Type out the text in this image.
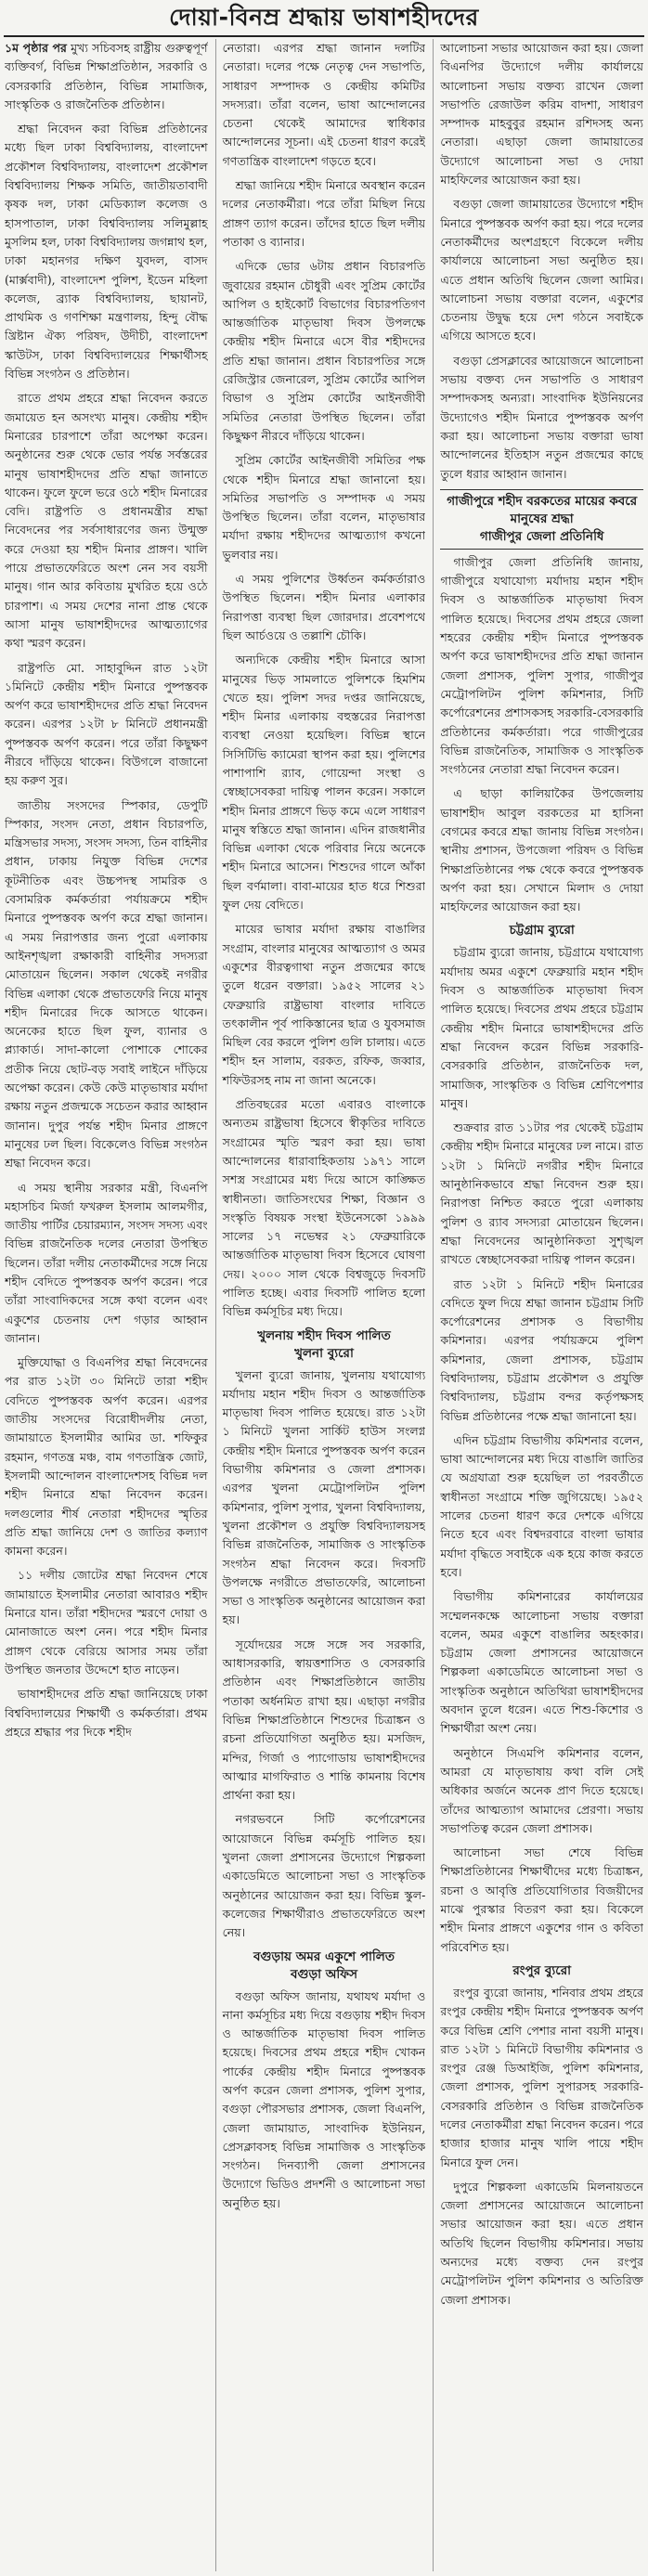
দোয়া-বিনম্র শ্রদ্ধায় ভাষাশহীদদের

১ম পৃষ্ঠার পর মুখ্য সচিবসহ রাষ্ট্রীয় গুরুত্বপূর্ণ ব্যক্তিবর্গ, বিভিন্ন শিক্ষাপ্রতিষ্ঠান, সরকারি ও বেসরকারি প্রতিষ্ঠান, বিভিন্ন সামাজিক, সাংস্কৃতিক ও রাজনৈতিক প্রতিষ্ঠান।

শ্রদ্ধা নিবেদন করা বিভিন্ন প্রতিষ্ঠানের মধ্যে ছিল ঢাকা বিশ্ববিদ্যালয়, বাংলাদেশ প্রকৌশল বিশ্ববিদ্যালয়, বাংলাদেশ প্রকৌশল বিশ্ববিদ্যালয় শিক্ষক সমিতি, জাতীয়তাবাদী কৃষক দল, ঢাকা মেডিক্যাল কলেজ ও হাসপাতাল, ঢাকা বিশ্ববিদ্যালয় সলিমুল্লাহ মুসলিম হল, ঢাকা বিশ্ববিদ্যালয় জগন্নাথ হল, ঢাকা মহানগর দক্ষিণ যুবদল, বাসদ (মার্ক্সবাদী), বাংলাদেশ পুলিশ, ইডেন মহিলা কলেজ, ব্র্যাক বিশ্ববিদ্যালয়, ছায়ানট, প্রাথমিক ও গণশিক্ষা মন্ত্রণালয়, হিন্দু বৌদ্ধ খ্রিষ্টান ঐক্য পরিষদ, উদীচী, বাংলাদেশ স্কাউটস, ঢাকা বিশ্ববিদ্যালয়ের শিক্ষার্থীসহ বিভিন্ন সংগঠন ও প্রতিষ্ঠান।

রাতে প্রথম প্রহরে শ্রদ্ধা নিবেদন করতে জমায়েত হন অসংখ্য মানুষ। কেন্দ্রীয় শহীদ মিনারের চারপাশে তাঁরা অপেক্ষা করেন। অনুষ্ঠানের শুরু থেকে ভোর পর্যন্ত সর্বস্তরের মানুষ ভাষাশহীদদের প্রতি শ্রদ্ধা জানাতে থাকেন। ফুলে ফুলে ভরে ওঠে শহীদ মিনারের বেদি। রাষ্ট্রপতি ও প্রধানমন্ত্রীর শ্রদ্ধা নিবেদনের পর সর্বসাধারণের জন্য উন্মুক্ত করে দেওয়া হয় শহীদ মিনার প্রাঙ্গণ। খালি পায়ে প্রভাতফেরিতে অংশ নেন সব বয়সী মানুষ। গান আর কবিতায় মুখরিত হয়ে ওঠে চারপাশ। এ সময় দেশের নানা প্রান্ত থেকে আসা মানুষ ভাষাশহীদদের আত্মত্যাগের কথা স্মরণ করেন।

রাষ্ট্রপতি মো. সাহাবুদ্দিন রাত ১২টা ১মিনিটে কেন্দ্রীয় শহীদ মিনারে পুষ্পস্তবক অর্পণ করে ভাষাশহীদদের প্রতি শ্রদ্ধা নিবেদন করেন। এরপর ১২টা ৮ মিনিটে প্রধানমন্ত্রী পুষ্পস্তবক অর্পণ করেন। পরে তাঁরা কিছুক্ষণ নীরবে দাঁড়িয়ে থাকেন। বিউগলে বাজানো হয় করুণ সুর।

জাতীয় সংসদের স্পিকার, ডেপুটি স্পিকার, সংসদ নেতা, প্রধান বিচারপতি, মন্ত্রিসভার সদস্য, সংসদ সদস্য, তিন বাহিনীর প্রধান, ঢাকায় নিযুক্ত বিভিন্ন দেশের কূটনীতিক এবং উচ্চপদস্থ সামরিক ও বেসামরিক কর্মকর্তারা পর্যায়ক্রমে শহীদ মিনারে পুষ্পস্তবক অর্পণ করে শ্রদ্ধা জানান। এ সময় নিরাপত্তার জন্য পুরো এলাকায় আইনশৃঙ্খলা রক্ষাকারী বাহিনীর সদস্যরা মোতায়েন ছিলেন। সকাল থেকেই নগরীর বিভিন্ন এলাকা থেকে প্রভাতফেরি নিয়ে মানুষ শহীদ মিনারের দিকে আসতে থাকেন। অনেকের হাতে ছিল ফুল, ব্যানার ও প্ল্যাকার্ড। সাদা-কালো পোশাকে শোকের প্রতীক নিয়ে ছোট-বড় সবাই লাইনে দাঁড়িয়ে অপেক্ষা করেন। কেউ কেউ মাতৃভাষার মর্যাদা রক্ষায় নতুন প্রজন্মকে সচেতন করার আহ্বান জানান। দুপুর পর্যন্ত শহীদ মিনার প্রাঙ্গণে মানুষের ঢল ছিল। বিকেলেও বিভিন্ন সংগঠন শ্রদ্ধা নিবেদন করে।

এ সময় স্থানীয় সরকার মন্ত্রী, বিএনপি মহাসচিব মির্জা ফখরুল ইসলাম আলমগীর, জাতীয় পার্টির চেয়ারম্যান, সংসদ সদস্য এবং বিভিন্ন রাজনৈতিক দলের নেতারা উপস্থিত ছিলেন। তাঁরা দলীয় নেতাকর্মীদের সঙ্গে নিয়ে শহীদ বেদিতে পুষ্পস্তবক অর্পণ করেন। পরে তাঁরা সাংবাদিকদের সঙ্গে কথা বলেন এবং একুশের চেতনায় দেশ গড়ার আহ্বান জানান।

মুক্তিযোদ্ধা ও বিএনপির শ্রদ্ধা নিবেদনের পর রাত ১২টা ৩০ মিনিটে তারা শহীদ বেদিতে পুষ্পস্তবক অর্পণ করেন। এরপর জাতীয় সংসদের বিরোধীদলীয় নেতা, জামায়াতে ইসলামীর আমির ডা. শফিকুর রহমান, গণতন্ত্র মঞ্চ, বাম গণতান্ত্রিক জোট, ইসলামী আন্দোলন বাংলাদেশসহ বিভিন্ন দল শহীদ মিনারে শ্রদ্ধা নিবেদন করেন। দলগুলোর শীর্ষ নেতারা শহীদদের স্মৃতির প্রতি শ্রদ্ধা জানিয়ে দেশ ও জাতির কল্যাণ কামনা করেন।

১১ দলীয় জোটের শ্রদ্ধা নিবেদন শেষে জামায়াতে ইসলামীর নেতারা আবারও শহীদ মিনারে যান। তাঁরা শহীদদের স্মরণে দোয়া ও মোনাজাতে অংশ নেন। পরে শহীদ মিনার প্রাঙ্গণ থেকে বেরিয়ে আসার সময় তাঁরা উপস্থিত জনতার উদ্দেশে হাত নাড়েন।

ভাষাশহীদদের প্রতি শ্রদ্ধা জানিয়েছে ঢাকা বিশ্ববিদ্যালয়ের শিক্ষার্থী ও কর্মকর্তারা। প্রথম প্রহরে শ্রদ্ধার পর দিকে শহীদ

নেতারা। এরপর শ্রদ্ধা জানান দলটির নেতারা। দলের পক্ষে নেতৃত্ব দেন সভাপতি, সাধারণ সম্পাদক ও কেন্দ্রীয় কমিটির সদস্যরা। তাঁরা বলেন, ভাষা আন্দোলনের চেতনা থেকেই আমাদের স্বাধিকার আন্দোলনের সূচনা। এই চেতনা ধারণ করেই গণতান্ত্রিক বাংলাদেশ গড়তে হবে।

শ্রদ্ধা জানিয়ে শহীদ মিনারে অবস্থান করেন দলের নেতাকর্মীরা। পরে তাঁরা মিছিল নিয়ে প্রাঙ্গণ ত্যাগ করেন। তাঁদের হাতে ছিল দলীয় পতাকা ও ব্যানার।

এদিকে ভোর ৬টায় প্রধান বিচারপতি জুবায়ের রহমান চৌধুরী এবং সুপ্রিম কোর্টের আপিল ও হাইকোর্ট বিভাগের বিচারপতিগণ আন্তর্জাতিক মাতৃভাষা দিবস উপলক্ষে কেন্দ্রীয় শহীদ মিনারে এসে বীর শহীদদের প্রতি শ্রদ্ধা জানান। প্রধান বিচারপতির সঙ্গে রেজিস্ট্রার জেনারেল, সুপ্রিম কোর্টের আপিল বিভাগ ও সুপ্রিম কোর্টের আইনজীবী সমিতির নেতারা উপস্থিত ছিলেন। তাঁরা কিছুক্ষণ নীরবে দাঁড়িয়ে থাকেন।

সুপ্রিম কোর্টের আইনজীবী সমিতির পক্ষ থেকে শহীদ মিনারে শ্রদ্ধা জানানো হয়। সমিতির সভাপতি ও সম্পাদক এ সময় উপস্থিত ছিলেন। তাঁরা বলেন, মাতৃভাষার মর্যাদা রক্ষায় শহীদদের আত্মত্যাগ কখনো ভুলবার নয়।

এ সময় পুলিশের উর্ধ্বতন কর্মকর্তারাও উপস্থিত ছিলেন। শহীদ মিনার এলাকার নিরাপত্তা ব্যবস্থা ছিল জোরদার। প্রবেশপথে ছিল আর্চওয়ে ও তল্লাশি চৌকি।

অন্যদিকে কেন্দ্রীয় শহীদ মিনারে আসা মানুষের ভিড় সামলাতে পুলিশকে হিমশিম খেতে হয়। পুলিশ সদর দপ্তর জানিয়েছে, শহীদ মিনার এলাকায় বহুস্তরের নিরাপত্তা ব্যবস্থা নেওয়া হয়েছিল। বিভিন্ন স্থানে সিসিটিভি ক্যামেরা স্থাপন করা হয়। পুলিশের পাশাপাশি র‍্যাব, গোয়েন্দা সংস্থা ও স্বেচ্ছাসেবকরা দায়িত্ব পালন করেন। সকালে শহীদ মিনার প্রাঙ্গণে ভিড় কমে এলে সাধারণ মানুষ স্বস্তিতে শ্রদ্ধা জানান। এদিন রাজধানীর বিভিন্ন এলাকা থেকে পরিবার নিয়ে অনেকে শহীদ মিনারে আসেন। শিশুদের গালে আঁকা ছিল বর্ণমালা। বাবা-মায়ের হাত ধরে শিশুরা ফুল দেয় বেদিতে।

মায়ের ভাষার মর্যাদা রক্ষায় বাঙালির সংগ্রাম, বাংলার মানুষের আত্মত্যাগ ও অমর একুশের বীরত্বগাথা নতুন প্রজন্মের কাছে তুলে ধরেন বক্তারা। ১৯৫২ সালের ২১ ফেব্রুয়ারি রাষ্ট্রভাষা বাংলার দাবিতে তৎকালীন পূর্ব পাকিস্তানের ছাত্র ও যুবসমাজ মিছিল বের করলে পুলিশ গুলি চালায়। এতে শহীদ হন সালাম, বরকত, রফিক, জব্বার, শফিউরসহ নাম না জানা অনেকে।

প্রতিবছরের মতো এবারও বাংলাকে অন্যতম রাষ্ট্রভাষা হিসেবে স্বীকৃতির দাবিতে সংগ্রামের স্মৃতি স্মরণ করা হয়। ভাষা আন্দোলনের ধারাবাহিকতায় ১৯৭১ সালে সশস্ত্র সংগ্রামের মধ্য দিয়ে আসে কাঙ্ক্ষিত স্বাধীনতা। জাতিসংঘের শিক্ষা, বিজ্ঞান ও সংস্কৃতি বিষয়ক সংস্থা ইউনেসকো ১৯৯৯ সালের ১৭ নভেম্বর ২১ ফেব্রুয়ারিকে আন্তর্জাতিক মাতৃভাষা দিবস হিসেবে ঘোষণা দেয়। ২০০০ সাল থেকে বিশ্বজুড়ে দিবসটি পালিত হচ্ছে। এবার দিবসটি পালিত হলো বিভিন্ন কর্মসূচির মধ্য দিয়ে।

খুলনায় শহীদ দিবস পালিত
খুলনা ব্যুরো

খুলনা ব্যুরো জানায়, খুলনায় যথাযোগ্য মর্যাদায় মহান শহীদ দিবস ও আন্তর্জাতিক মাতৃভাষা দিবস পালিত হয়েছে। রাত ১২টা ১ মিনিটে খুলনা সার্কিট হাউস সংলগ্ন কেন্দ্রীয় শহীদ মিনারে পুষ্পস্তবক অর্পণ করেন বিভাগীয় কমিশনার ও জেলা প্রশাসক। এরপর খুলনা মেট্রোপলিটন পুলিশ কমিশনার, পুলিশ সুপার, খুলনা বিশ্ববিদ্যালয়, খুলনা প্রকৌশল ও প্রযুক্তি বিশ্ববিদ্যালয়সহ বিভিন্ন রাজনৈতিক, সামাজিক ও সাংস্কৃতিক সংগঠন শ্রদ্ধা নিবেদন করে। দিবসটি উপলক্ষে নগরীতে প্রভাতফেরি, আলোচনা সভা ও সাংস্কৃতিক অনুষ্ঠানের আয়োজন করা হয়।

সূর্যোদয়ের সঙ্গে সঙ্গে সব সরকারি, আধাসরকারি, স্বায়ত্তশাসিত ও বেসরকারি প্রতিষ্ঠান এবং শিক্ষাপ্রতিষ্ঠানে জাতীয় পতাকা অর্ধনমিত রাখা হয়। এছাড়া নগরীর বিভিন্ন শিক্ষাপ্রতিষ্ঠানে শিশুদের চিত্রাঙ্কন ও রচনা প্রতিযোগিতা অনুষ্ঠিত হয়। মসজিদ, মন্দির, গির্জা ও প্যাগোডায় ভাষাশহীদদের আত্মার মাগফিরাত ও শান্তি কামনায় বিশেষ প্রার্থনা করা হয়।

নগরভবনে সিটি কর্পোরেশনের আয়োজনে বিভিন্ন কর্মসূচি পালিত হয়। খুলনা জেলা প্রশাসনের উদ্যোগে শিল্পকলা একাডেমিতে আলোচনা সভা ও সাংস্কৃতিক অনুষ্ঠানের আয়োজন করা হয়। বিভিন্ন স্কুল-কলেজের শিক্ষার্থীরাও প্রভাতফেরিতে অংশ নেয়।

বগুড়ায় অমর একুশে পালিত
বগুড়া অফিস

বগুড়া অফিস জানায়, যথাযথ মর্যাদা ও নানা কর্মসূচির মধ্য দিয়ে বগুড়ায় শহীদ দিবস ও আন্তর্জাতিক মাতৃভাষা দিবস পালিত হয়েছে। দিবসের প্রথম প্রহরে শহীদ খোকন পার্কের কেন্দ্রীয় শহীদ মিনারে পুষ্পস্তবক অর্পণ করেন জেলা প্রশাসক, পুলিশ সুপার, বগুড়া পৌরসভার প্রশাসক, জেলা বিএনপি, জেলা জামায়াত, সাংবাদিক ইউনিয়ন, প্রেসক্লাবসহ বিভিন্ন সামাজিক ও সাংস্কৃতিক সংগঠন। দিনব্যাপী জেলা প্রশাসনের উদ্যোগে ভিডিও প্রদর্শনী ও আলোচনা সভা অনুষ্ঠিত হয়।

আলোচনা সভার আয়োজন করা হয়। জেলা বিএনপির উদ্যোগে দলীয় কার্যালয়ে আলোচনা সভায় বক্তব্য রাখেন জেলা সভাপতি রেজাউল করিম বাদশা, সাধারণ সম্পাদক মাহবুবুর রহমান রশিদসহ অন্য নেতারা। এছাড়া জেলা জামায়াতের উদ্যোগে আলোচনা সভা ও দোয়া মাহফিলের আয়োজন করা হয়।

বগুড়া জেলা জামায়াতের উদ্যোগে শহীদ মিনারে পুষ্পস্তবক অর্পণ করা হয়। পরে দলের নেতাকর্মীদের অংশগ্রহণে বিকেলে দলীয় কার্যালয়ে আলোচনা সভা অনুষ্ঠিত হয়। এতে প্রধান অতিথি ছিলেন জেলা আমির। আলোচনা সভায় বক্তারা বলেন, একুশের চেতনায় উদ্বুদ্ধ হয়ে দেশ গঠনে সবাইকে এগিয়ে আসতে হবে।

বগুড়া প্রেসক্লাবের আয়োজনে আলোচনা সভায় বক্তব্য দেন সভাপতি ও সাধারণ সম্পাদকসহ অন্যরা। সাংবাদিক ইউনিয়নের উদ্যোগেও শহীদ মিনারে পুষ্পস্তবক অর্পণ করা হয়। আলোচনা সভায় বক্তারা ভাষা আন্দোলনের ইতিহাস নতুন প্রজন্মের কাছে তুলে ধরার আহ্বান জানান।

গাজীপুরে শহীদ বরকতের মায়ের কবরে মানুষের শ্রদ্ধা
গাজীপুর জেলা প্রতিনিধি

গাজীপুর জেলা প্রতিনিধি জানায়, গাজীপুরে যথাযোগ্য মর্যাদায় মহান শহীদ দিবস ও আন্তর্জাতিক মাতৃভাষা দিবস পালিত হয়েছে। দিবসের প্রথম প্রহরে জেলা শহরের কেন্দ্রীয় শহীদ মিনারে পুষ্পস্তবক অর্পণ করে ভাষাশহীদদের প্রতি শ্রদ্ধা জানান জেলা প্রশাসক, পুলিশ সুপার, গাজীপুর মেট্রোপলিটন পুলিশ কমিশনার, সিটি কর্পোরেশনের প্রশাসকসহ সরকারি-বেসরকারি প্রতিষ্ঠানের কর্মকর্তারা। পরে গাজীপুরের বিভিন্ন রাজনৈতিক, সামাজিক ও সাংস্কৃতিক সংগঠনের নেতারা শ্রদ্ধা নিবেদন করেন।

এ ছাড়া কালিয়াকৈর উপজেলায় ভাষাশহীদ আবুল বরকতের মা হাসিনা বেগমের কবরে শ্রদ্ধা জানায় বিভিন্ন সংগঠন। স্থানীয় প্রশাসন, উপজেলা পরিষদ ও বিভিন্ন শিক্ষাপ্রতিষ্ঠানের পক্ষ থেকে কবরে পুষ্পস্তবক অর্পণ করা হয়। সেখানে মিলাদ ও দোয়া মাহফিলের আয়োজন করা হয়।

চট্টগ্রাম ব্যুরো

চট্টগ্রাম ব্যুরো জানায়, চট্টগ্রামে যথাযোগ্য মর্যাদায় অমর একুশে ফেব্রুয়ারি মহান শহীদ দিবস ও আন্তর্জাতিক মাতৃভাষা দিবস পালিত হয়েছে। দিবসের প্রথম প্রহরে চট্টগ্রাম কেন্দ্রীয় শহীদ মিনারে ভাষাশহীদদের প্রতি শ্রদ্ধা নিবেদন করেন বিভিন্ন সরকারি-বেসরকারি প্রতিষ্ঠান, রাজনৈতিক দল, সামাজিক, সাংস্কৃতিক ও বিভিন্ন শ্রেণিপেশার মানুষ।

শুক্রবার রাত ১১টার পর থেকেই চট্টগ্রাম কেন্দ্রীয় শহীদ মিনারে মানুষের ঢল নামে। রাত ১২টা ১ মিনিটে নগরীর শহীদ মিনারে আনুষ্ঠানিকভাবে শ্রদ্ধা নিবেদন শুরু হয়। নিরাপত্তা নিশ্চিত করতে পুরো এলাকায় পুলিশ ও র‍্যাব সদস্যরা মোতায়েন ছিলেন। শ্রদ্ধা নিবেদনের আনুষ্ঠানিকতা সুশৃঙ্খল রাখতে স্বেচ্ছাসেবকরা দায়িত্ব পালন করেন।

রাত ১২টা ১ মিনিটে শহীদ মিনারের বেদিতে ফুল দিয়ে শ্রদ্ধা জানান চট্টগ্রাম সিটি কর্পোরেশনের প্রশাসক ও বিভাগীয় কমিশনার। এরপর পর্যায়ক্রমে পুলিশ কমিশনার, জেলা প্রশাসক, চট্টগ্রাম বিশ্ববিদ্যালয়, চট্টগ্রাম প্রকৌশল ও প্রযুক্তি বিশ্ববিদ্যালয়, চট্টগ্রাম বন্দর কর্তৃপক্ষসহ বিভিন্ন প্রতিষ্ঠানের পক্ষে শ্রদ্ধা জানানো হয়।

এদিন চট্টগ্রাম বিভাগীয় কমিশনার বলেন, ভাষা আন্দোলনের মধ্য দিয়ে বাঙালি জাতির যে অগ্রযাত্রা শুরু হয়েছিল তা পরবর্তীতে স্বাধীনতা সংগ্রামে শক্তি জুগিয়েছে। ১৯৫২ সালের চেতনা ধারণ করে দেশকে এগিয়ে নিতে হবে এবং বিশ্বদরবারে বাংলা ভাষার মর্যাদা বৃদ্ধিতে সবাইকে এক হয়ে কাজ করতে হবে।

বিভাগীয় কমিশনারের কার্যালয়ের সম্মেলনকক্ষে আলোচনা সভায় বক্তারা বলেন, অমর একুশে বাঙালির অহংকার। চট্টগ্রাম জেলা প্রশাসনের আয়োজনে শিল্পকলা একাডেমিতে আলোচনা সভা ও সাংস্কৃতিক অনুষ্ঠানে অতিথিরা ভাষাশহীদদের অবদান তুলে ধরেন। এতে শিশু-কিশোর ও শিক্ষার্থীরা অংশ নেয়।

অনুষ্ঠানে সিএমপি কমিশনার বলেন, আমরা যে মাতৃভাষায় কথা বলি সেই অধিকার অর্জনে অনেক প্রাণ দিতে হয়েছে। তাঁদের আত্মত্যাগ আমাদের প্রেরণা। সভায় সভাপতিত্ব করেন জেলা প্রশাসক।

আলোচনা সভা শেষে বিভিন্ন শিক্ষাপ্রতিষ্ঠানের শিক্ষার্থীদের মধ্যে চিত্রাঙ্কন, রচনা ও আবৃত্তি প্রতিযোগিতার বিজয়ীদের মাঝে পুরস্কার বিতরণ করা হয়। বিকেলে শহীদ মিনার প্রাঙ্গণে একুশের গান ও কবিতা পরিবেশিত হয়।

রংপুর ব্যুরো

রংপুর ব্যুরো জানায়, শনিবার প্রথম প্রহরে রংপুর কেন্দ্রীয় শহীদ মিনারে পুষ্পস্তবক অর্পণ করে বিভিন্ন শ্রেণি পেশার নানা বয়সী মানুষ। রাত ১২টা ১ মিনিটে বিভাগীয় কমিশনার ও রংপুর রেঞ্জ ডিআইজি, পুলিশ কমিশনার, জেলা প্রশাসক, পুলিশ সুপারসহ সরকারি-বেসরকারি প্রতিষ্ঠান ও বিভিন্ন রাজনৈতিক দলের নেতাকর্মীরা শ্রদ্ধা নিবেদন করেন। পরে হাজার হাজার মানুষ খালি পায়ে শহীদ মিনারে ফুল দেন।

দুপুরে শিল্পকলা একাডেমি মিলনায়তনে জেলা প্রশাসনের আয়োজনে আলোচনা সভার আয়োজন করা হয়। এতে প্রধান অতিথি ছিলেন বিভাগীয় কমিশনার। সভায় অন্যদের মধ্যে বক্তব্য দেন রংপুর মেট্রোপলিটন পুলিশ কমিশনার ও অতিরিক্ত জেলা প্রশাসক।
